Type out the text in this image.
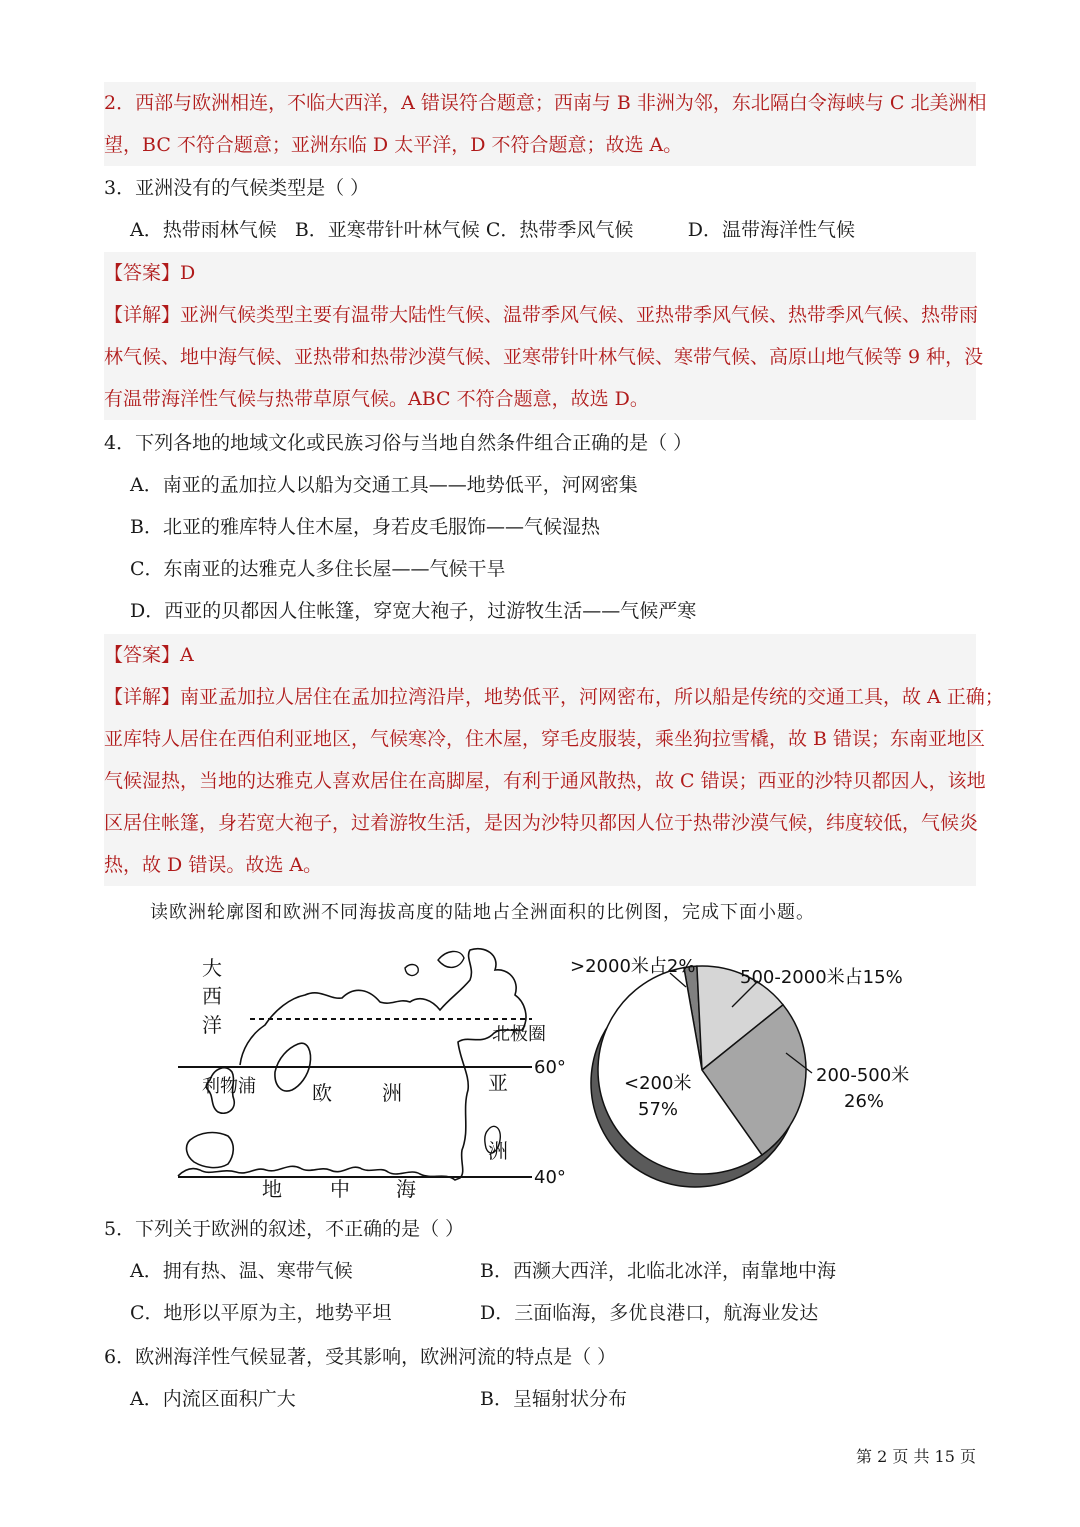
2．西部与欧洲相连，不临大西洋，A 错误符合题意；西南与 B 非洲为邻，东北隔白令海峡与 C 北美洲相
望，BC 不符合题意；亚洲东临 D 太平洋，D 不符合题意；故选 A。
3．亚洲没有的气候类型是（ ）
A．热带雨林气候   B．亚寒带针叶林气候 C．热带季风气候         D．温带海洋性气候
【答案】D
【详解】亚洲气候类型主要有温带大陆性气候、温带季风气候、亚热带季风气候、热带季风气候、热带雨
林气候、地中海气候、亚热带和热带沙漠气候、亚寒带针叶林气候、寒带气候、高原山地气候等 9 种，没
有温带海洋性气候与热带草原气候。ABC 不符合题意，故选 D。
4．下列各地的地域文化或民族习俗与当地自然条件组合正确的是（ ）
A．南亚的孟加拉人以船为交通工具——地势低平，河网密集
B．北亚的雅库特人住木屋，身若皮毛服饰——气候湿热
C．东南亚的达雅克人多住长屋——气候干旱
D．西亚的贝都因人住帐篷，穿宽大袍子，过游牧生活——气候严寒
【答案】A
【详解】南亚孟加拉人居住在孟加拉湾沿岸，地势低平，河网密布，所以船是传统的交通工具，故 A 正确；
亚库特人居住在西伯利亚地区，气候寒冷，住木屋，穿毛皮服装，乘坐狗拉雪橇，故 B 错误；东南亚地区
气候湿热，当地的达雅克人喜欢居住在高脚屋，有利于通风散热，故 C 错误；西亚的沙特贝都因人，该地
区居住帐篷，身若宽大袍子，过着游牧生活，是因为沙特贝都因人位于热带沙漠气候，纬度较低，气候炎
热，故 D 错误。故选 A。
读欧洲轮廓图和欧洲不同海拔高度的陆地占全洲面积的比例图，完成下面小题。
大
西
洋	北极圈
60°
40°
利物浦	欧	洲	亚
洲
地 中 海
>2000米占2%
500-2000米占15%
200-500米
26%
<200米
57%
5．下列关于欧洲的叙述，不正确的是（ ）
A．拥有热、温、寒带气候	B．西濒大西洋，北临北冰洋，南靠地中海
C．地形以平原为主，地势平坦	D．三面临海，多优良港口，航海业发达
6．欧洲海洋性气候显著，受其影响，欧洲河流的特点是（ ）
A．内流区面积广大	B．呈辐射状分布
第 2 页 共 15 页
